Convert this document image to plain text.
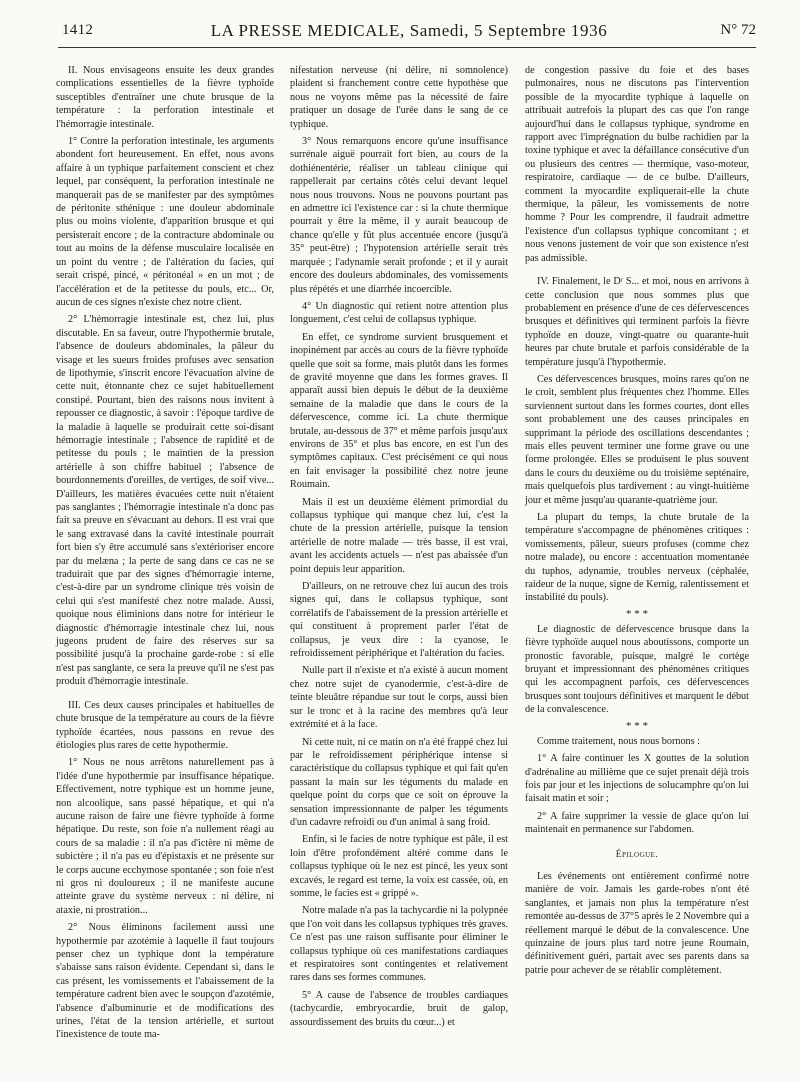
1412	LA PRESSE MEDICALE, Samedi, 5 Septembre 1936	N° 72

II. Nous envisageons ensuite les deux grandes complications essentielles de la fièvre typhoïde susceptibles d'entraîner une chute brusque de la température : la perforation intestinale et l'hémorragie intestinale.

1° Contre la perforation intestinale, les arguments abondent fort heureusement. En effet, nous avons affaire à un typhique parfaitement conscient et chez lequel, par conséquent, la perforation intestinale ne manquerait pas de se manifester par des symptômes de péritonite sthénique : une douleur abdominale plus ou moins violente, d'apparition brusque et qui persisterait encore ; de la contracture abdominale ou tout au moins de la défense musculaire localisée en un point du ventre ; de l'altération du facies, qui serait crispé, pincé, « péritonéal » en un mot ; de l'accélération et de la petitesse du pouls, etc... Or, aucun de ces signes n'existe chez notre client.

2° L'hémorragie intestinale est, chez lui, plus discutable. En sa faveur, outre l'hypothermie brutale, l'absence de douleurs abdominales, la pâleur du visage et les sueurs froides profuses avec sensation de lipothymie, s'inscrit encore l'évacuation alvine de cette nuit, étonnante chez ce sujet habituellement constipé. Pourtant, bien des raisons nous invitent à repousser ce diagnostic, à savoir : l'époque tardive de la maladie à laquelle se produirait cette soi-disant hémorragie intestinale ; l'absence de rapidité et de petitesse du pouls ; le maintien de la pression artérielle à son chiffre habituel ; l'absence de bourdonnements d'oreilles, de vertiges, de soif vive... D'ailleurs, les matières évacuées cette nuit n'étaient pas sanglantes ; l'hémorragie intestinale n'a donc pas fait sa preuve en s'évacuant au dehors. Il est vrai que le sang extravasé dans la cavité intestinale pourrait fort bien s'y être accumulé sans s'extérioriser encore par du melæna ; la perte de sang dans ce cas ne se traduirait que par des signes d'hémorragie interne, c'est-à-dire par un syndrome clinique très voisin de celui qui s'est manifesté chez notre malade. Aussi, quoique nous éliminions dans notre for intérieur le diagnostic d'hémorragie intestinale chez lui, nous jugeons prudent de faire des réserves sur sa possibilité jusqu'à la prochaine garde-robe : si elle n'est pas sanglante, ce sera la preuve qu'il ne s'est pas produit d'hémorragie intestinale.

III. Ces deux causes principales et habituelles de chute brusque de la température au cours de la fièvre typhoïde écartées, nous passons en revue des étiologies plus rares de cette hypothermie.

1° Nous ne nous arrêtons naturellement pas à l'idée d'une hypothermie par insuffisance hépatique. Effectivement, notre typhique est un homme jeune, non alcoolique, sans passé hépatique, et qui n'a aucune raison de faire une fièvre typhoïde à forme hépatique. Du reste, son foie n'a nullement réagi au cours de sa maladie : il n'a pas d'ictère ni même de subictère ; il n'a pas eu d'épistaxis et ne présente sur le corps aucune ecchymose spontanée ; son foie n'est ni gros ni douloureux ; il ne manifeste aucune atteinte grave du système nerveux : ni délire, ni ataxie, ni prostration...

2° Nous éliminons facilement aussi une hypothermie par azotémie à laquelle il faut toujours penser chez un typhique dont la température s'abaisse sans raison évidente. Cependant si, dans le cas présent, les vomissements et l'abaissement de la température cadrent bien avec le soupçon d'azotémie, l'absence d'albuminurie et de modifications des urines, l'état de la tension artérielle, et surtout l'inexistence de toute ma-

nifestation nerveuse (ni délire, ni somnolence) plaident si franchement contre cette hypothèse que nous ne voyons même pas la nécessité de faire pratiquer un dosage de l'urée dans le sang de ce typhique.

3° Nous remarquons encore qu'une insuffisance surrénale aiguë pourrait fort bien, au cours de la dothiénentérie, réaliser un tableau clinique qui rappellerait par certains côtés celui devant lequel nous nous trouvons. Nous ne pouvons pourtant pas en admettre ici l'existence car : si la chute thermique pourrait y être la même, il y aurait beaucoup de chance qu'elle y fût plus accentuée encore (jusqu'à 35° peut-être) ; l'hypotension artérielle serait très marquée ; l'adynamie serait profonde ; et il y aurait encore des douleurs abdominales, des vomissements plus répétés et une diarrhée incoercible.

4° Un diagnostic qui retient notre attention plus longuement, c'est celui de collapsus typhique.

En effet, ce syndrome survient brusquement et inopinément par accès au cours de la fièvre typhoïde quelle que soit sa forme, mais plutôt dans les formes de gravité moyenne que dans les formes graves. Il apparaît aussi bien depuis le début de la deuxième semaine de la maladie que dans le cours de la défervescence, comme ici. La chute thermique brutale, au-dessous de 37° et même parfois jusqu'aux environs de 35° et plus bas encore, en est l'un des symptômes capitaux. C'est précisément ce qui nous en fait envisager la possibilité chez notre jeune Roumain.

Mais il est un deuxième élément primordial du collapsus typhique qui manque chez lui, c'est la chute de la pression artérielle, puisque la tension artérielle de notre malade — très basse, il est vrai, avant les accidents actuels — n'est pas abaissée d'un point depuis leur apparition.

D'ailleurs, on ne retrouve chez lui aucun des trois signes qui, dans le collapsus typhique, sont corrélatifs de l'abaissement de la pression artérielle et qui constituent à proprement parler l'état de collapsus, je veux dire : la cyanose, le refroidissement périphérique et l'altération du facies.

Nulle part il n'existe et n'a existé à aucun moment chez notre sujet de cyanodermie, c'est-à-dire de teinte bleuâtre répandue sur tout le corps, aussi bien sur le tronc et à la racine des membres qu'à leur extrémité et à la face.

Ni cette nuit, ni ce matin on n'a été frappé chez lui par le refroidissement périphérique intense si caractéristique du collapsus typhique et qui fait qu'en passant la main sur les téguments du malade en quelque point du corps que ce soit on éprouve la sensation impressionnante de palper les téguments d'un cadavre refroidi ou d'un animal à sang froid.

Enfin, si le facies de notre typhique est pâle, il est loin d'être profondément altéré comme dans le collapsus typhique où le nez est pincé, les yeux sont excavés, le regard est terne, la voix est cassée, où, en somme, le facies est « grippé ».

Notre malade n'a pas la tachycardie ni la polypnée que l'on voit dans les collapsus typhiques très graves. Ce n'est pas une raison suffisante pour éliminer le collapsus typhique où ces manifestations cardiaques et respiratoires sont contingentes et relativement rares dans ses formes communes.

5° A cause de l'absence de troubles cardiaques (tachycardie, embryocardie, bruit de galop, assourdissement des bruits du cœur...) et

de congestion passive du foie et des bases pulmonaires, nous ne discutons pas l'intervention possible de la myocardite typhique à laquelle on attribuait autrefois la plupart des cas que l'on range aujourd'hui dans le collapsus typhique, syndrome en rapport avec l'imprégnation du bulbe rachidien par la toxine typhique et avec la défaillance consécutive d'un ou plusieurs des centres — thermique, vaso-moteur, respiratoire, cardiaque — de ce bulbe. D'ailleurs, comment la myocardite expliquerait-elle la chute thermique, la pâleur, les vomissements de notre homme ? Pour les comprendre, il faudrait admettre l'existence d'un collapsus typhique concomitant ; et nous venons justement de voir que son existence n'est pas admissible.

IV. Finalement, le Dʳ S... et moi, nous en arrivons à cette conclusion que nous sommes plus que probablement en présence d'une de ces défervescences brusques et définitives qui terminent parfois la fièvre typhoïde en douze, vingt-quatre ou quarante-huit heures par chute brutale et parfois considérable de la température jusqu'à l'hypothermie.

Ces défervescences brusques, moins rares qu'on ne le croit, semblent plus fréquentes chez l'homme. Elles surviennent surtout dans les formes courtes, dont elles sont probablement une des causes principales en supprimant la période des oscillations descendantes ; mais elles peuvent terminer une forme grave ou une forme prolongée. Elles se produisent le plus souvent dans le cours du deuxième ou du troisième septénaire, mais quelquefois plus tardivement : au vingt-huitième jour et même jusqu'au quarante-quatrième jour.

La plupart du temps, la chute brutale de la température s'accompagne de phénomènes critiques : vomissements, pâleur, sueurs profuses (comme chez notre malade), ou encore : accentuation momentanée du tuphos, adynamie, troubles nerveux (céphalée, raideur de la nuque, signe de Kernig, ralentissement et instabilité du pouls).

* * *

Le diagnostic de défervescence brusque dans la fièvre typhoïde auquel nous aboutissons, comporte un pronostic favorable, puisque, malgré le cortège bruyant et impressionnant des phénomènes critiques qui les accompagnent parfois, ces défervescences brusques sont toujours définitives et marquent le début de la convalescence.

* * *

Comme traitement, nous nous bornons :

1° A faire continuer les X gouttes de la solution d'adrénaline au millième que ce sujet prenait déjà trois fois par jour et les injections de solucamphre qu'on lui faisait matin et soir ;

2° A faire supprimer la vessie de glace qu'on lui maintenait en permanence sur l'abdomen.

Épilogue.

Les événements ont entièrement confirmé notre manière de voir. Jamais les garde-robes n'ont été sanglantes, et jamais non plus la température n'est remontée au-dessus de 37°5 après le 2 Novembre qui a réellement marqué le début de la convalescence. Une quinzaine de jours plus tard notre jeune Roumain, définitivement guéri, partait avec ses parents dans sa patrie pour achever de se rétablir complètement.
